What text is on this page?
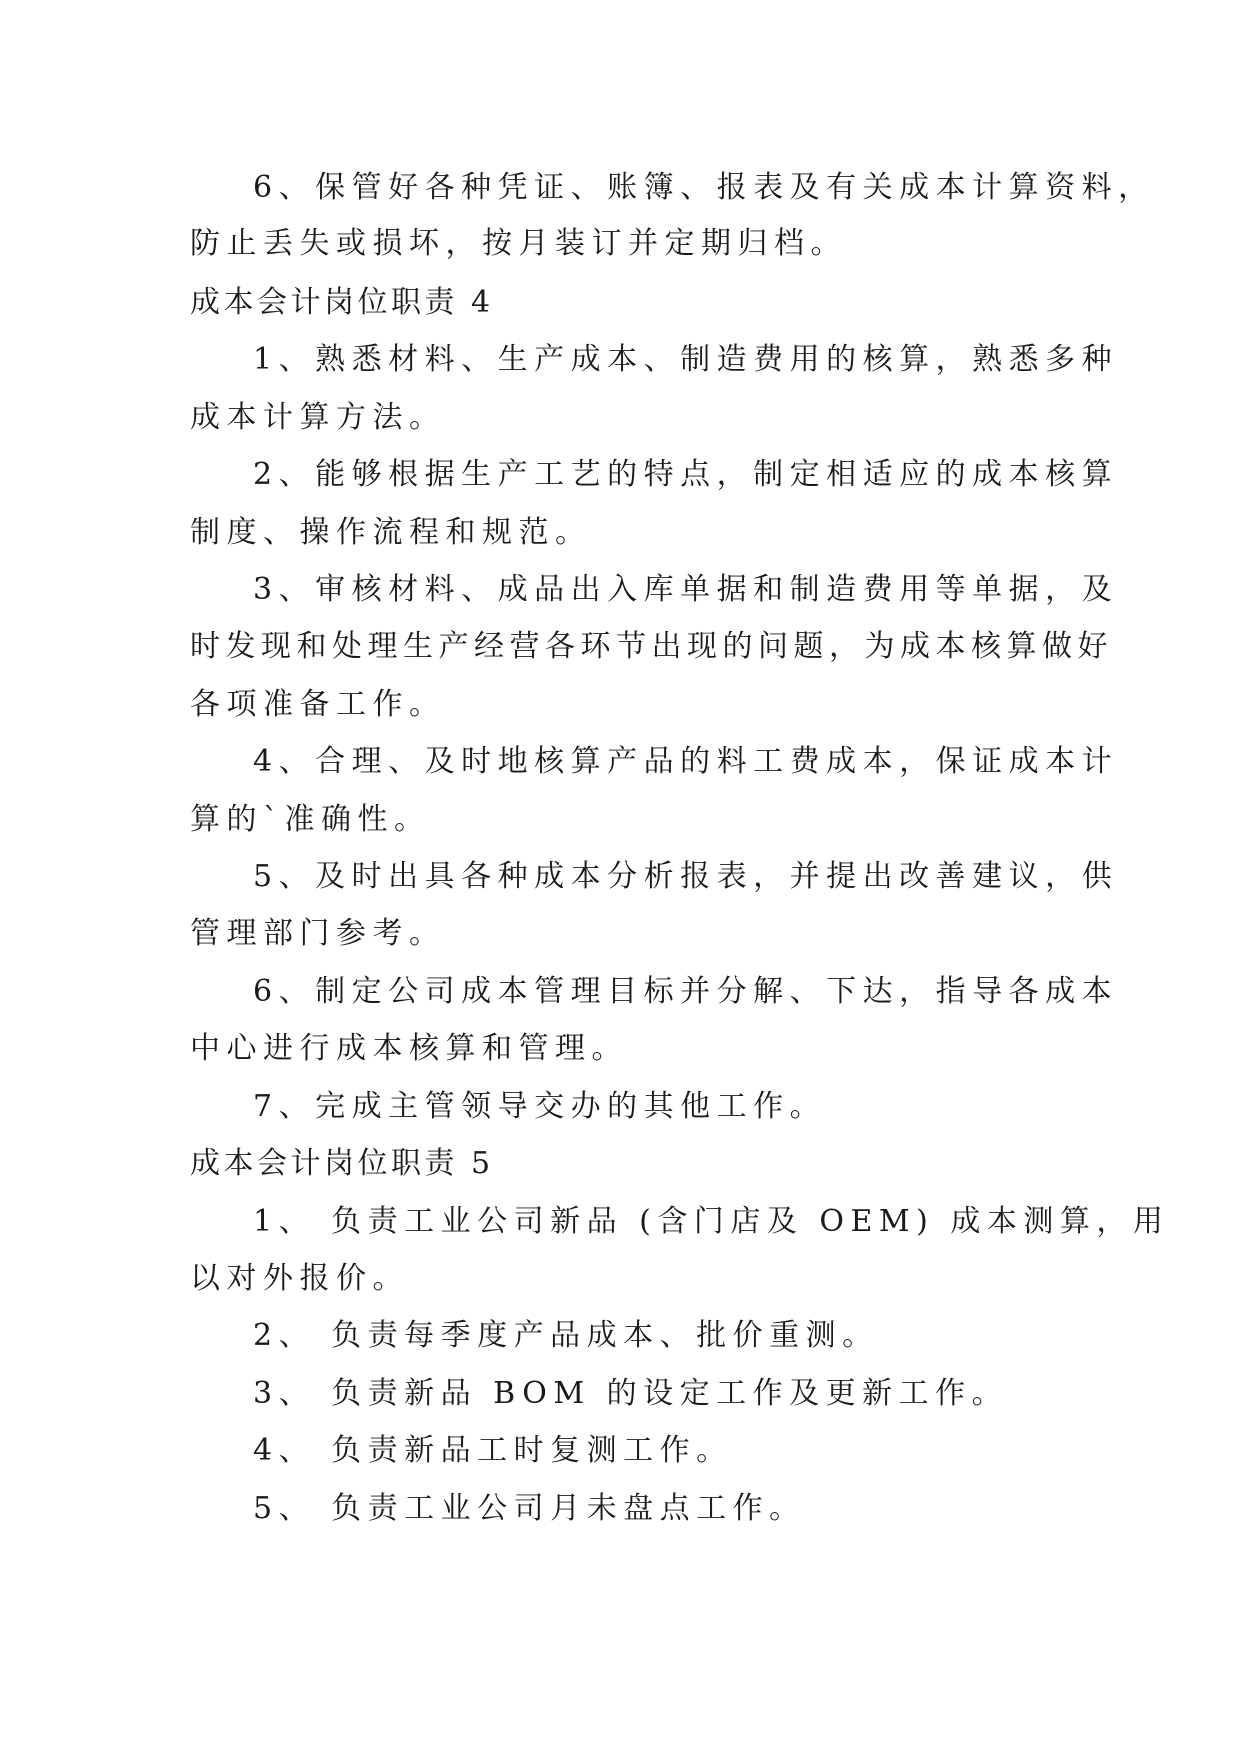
6、保管好各种凭证、账簿、报表及有关成本计算资料，
防止丢失或损坏，按月装订并定期归档。
成本会计岗位职责 4
1、熟悉材料、生产成本、制造费用的核算，熟悉多种
成本计算方法。
2、能够根据生产工艺的特点，制定相适应的成本核算
制度、操作流程和规范。
3、审核材料、成品出入库单据和制造费用等单据，及
时发现和处理生产经营各环节出现的问题，为成本核算做好
各项准备工作。
4、合理、及时地核算产品的料工费成本，保证成本计
算的`准确性。
5、及时出具各种成本分析报表，并提出改善建议，供
管理部门参考。
6、制定公司成本管理目标并分解、下达，指导各成本
中心进行成本核算和管理。
7、完成主管领导交办的其他工作。
成本会计岗位职责 5
1、 负责工业公司新品 (含门店及 OEM) 成本测算，用
以对外报价。
2、 负责每季度产品成本、批价重测。
3、 负责新品 BOM 的设定工作及更新工作。
4、 负责新品工时复测工作。
5、 负责工业公司月未盘点工作。
